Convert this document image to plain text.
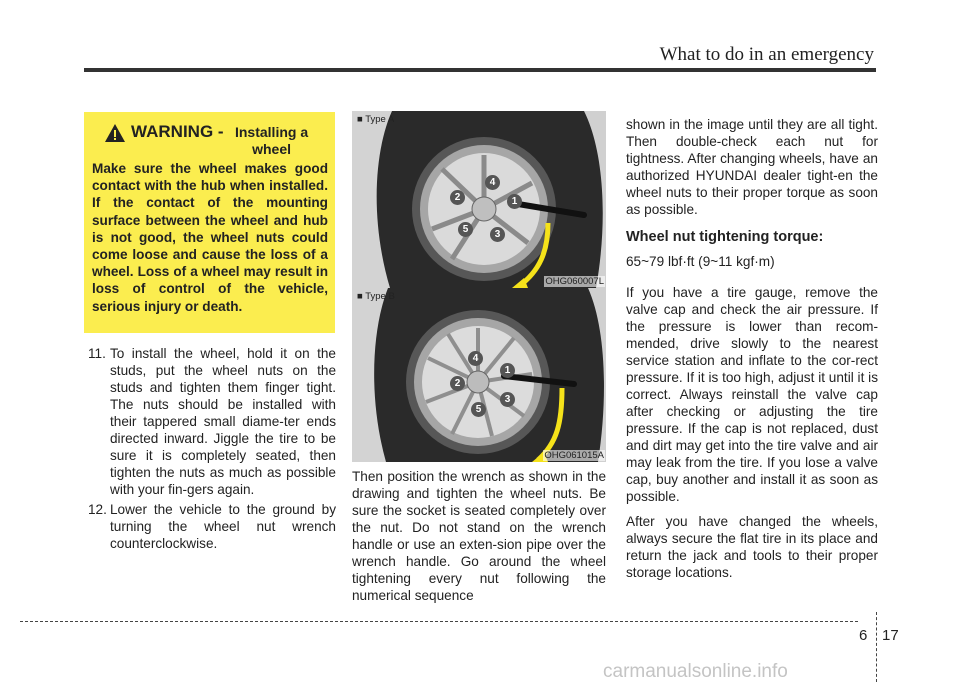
What to do in an emergency
WARNING - Installing a wheel
Make sure the wheel makes good contact with the hub when installed. If the contact of the mounting surface between the wheel and hub is not good, the wheel nuts could come loose and cause the loss of a wheel. Loss of a wheel may result in loss of control of the vehicle, serious injury or death.
11. To install the wheel, hold it on the studs, put the wheel nuts on the studs and tighten them finger tight. The nuts should be installed with their tappered small diame-ter ends directed inward. Jiggle the tire to be sure it is completely seated, then tighten the nuts as much as possible with your fin-gers again.
12. Lower the vehicle to the ground by turning the wheel nut wrench counterclockwise.
1
2
3
4
5
■ Type A
OHG060007L
1
2
3
4
5
■ Type B
OHG061015A
Then position the wrench as shown in the drawing and tighten the wheel nuts. Be sure the socket is seated completely over the nut. Do not stand on the wrench handle or use an exten-sion pipe over the wrench handle. Go around the wheel tightening every nut following the numerical sequence

shown in the image until they are all tight. Then double-check each nut for tightness. After changing wheels, have an authorized HYUNDAI dealer tight-en the wheel nuts to their proper torque as soon as possible.

Wheel nut tightening torque:

65~79 lbf·ft (9~11 kgf·m)

If you have a tire gauge, remove the valve cap and check the air pressure. If the pressure is lower than recom-mended, drive slowly to the nearest service station and inflate to the cor-rect pressure. If it is too high, adjust it until it is correct. Always reinstall the valve cap after checking or adjusting the tire pressure. If the cap is not replaced, dust and dirt may get into the tire valve and air may leak from the tire. If you lose a valve cap, buy another and install it as soon as possible.

After you have changed the wheels, always secure the flat tire in its place and return the jack and tools to their proper storage locations.

6 17
carmanualsonline.info
